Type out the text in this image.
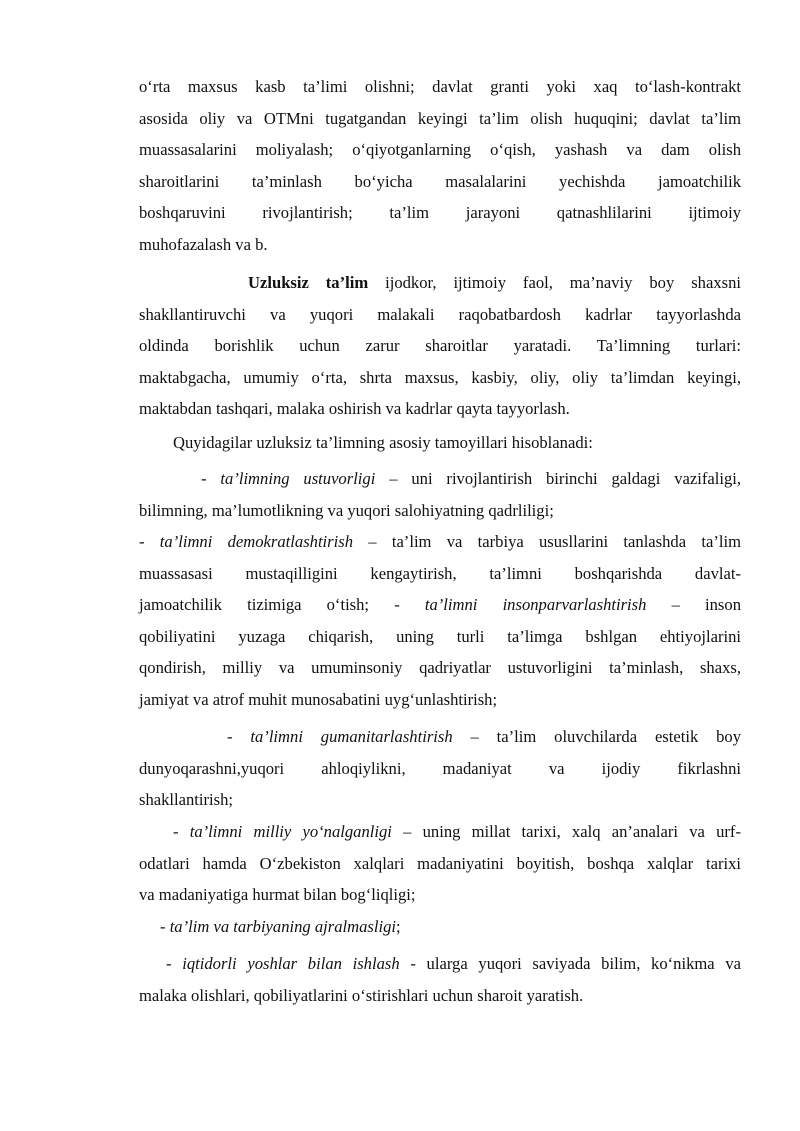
o‘rta maxsus kasb ta’limi olishni; davlat granti yoki xaq to‘lash-kontrakt
asosida oliy va OTMni tugatgandan keyingi ta’lim olish huquqini; davlat ta’lim
muassasalarini moliyalash; o‘qiyotganlarning o‘qish, yashash va dam olish
sharoitlarini ta’minlash bo‘yicha masalalarini yechishda jamoatchilik
boshqaruvini rivojlantirish; ta’lim jarayoni qatnashlilarini ijtimoiy
muhofazalash va b.
Uzluksiz ta’lim ijodkor, ijtimoiy faol, ma’naviy boy shaxsni
shakllantiruvchi va yuqori malakali raqobatbardosh kadrlar tayyorlashda
oldinda borishlik uchun zarur sharoitlar yaratadi. Ta’limning turlari:
maktabgacha, umumiy o‘rta, shrta maxsus, kasbiy, oliy, oliy ta’limdan keyingi,
maktabdan tashqari, malaka oshirish va kadrlar qayta tayyorlash.
Quyidagilar uzluksiz ta’limning asosiy tamoyillari hisoblanadi:
- ta’limning ustuvorligi – uni rivojlantirish birinchi galdagi vazifaligi,
bilimning, ma’lumotlikning va yuqori salohiyatning qadrliligi;
- ta’limni demokratlashtirish – ta’lim va tarbiya ususllarini tanlashda ta’lim
muassasasi mustaqilligini kengaytirish, ta’limni boshqarishda davlat-
jamoatchilik tizimiga o‘tish; - ta’limni insonparvarlashtirish – inson
qobiliyatini yuzaga chiqarish, uning turli ta’limga bshlgan ehtiyojlarini
qondirish, milliy va umuminsoniy qadriyatlar ustuvorligini ta’minlash, shaxs,
jamiyat va atrof muhit munosabatini uyg‘unlashtirish;
- ta’limni gumanitarlashtirish – ta’lim oluvchilarda estetik boy
dunyoqarashni,yuqori ahloqiylikni, madaniyat va ijodiy fikrlashni
shakllantirish;
- ta’limni milliy yo‘nalganligi – uning millat tarixi, xalq an’analari va urf-
odatlari hamda O‘zbekiston xalqlari madaniyatini boyitish, boshqa xalqlar tarixi
va madaniyatiga hurmat bilan bog‘liqligi;
- ta’lim va tarbiyaning ajralmasligi;
- iqtidorli yoshlar bilan ishlash - ularga yuqori saviyada bilim, ko‘nikma va
malaka olishlari, qobiliyatlarini o‘stirishlari uchun sharoit yaratish.
